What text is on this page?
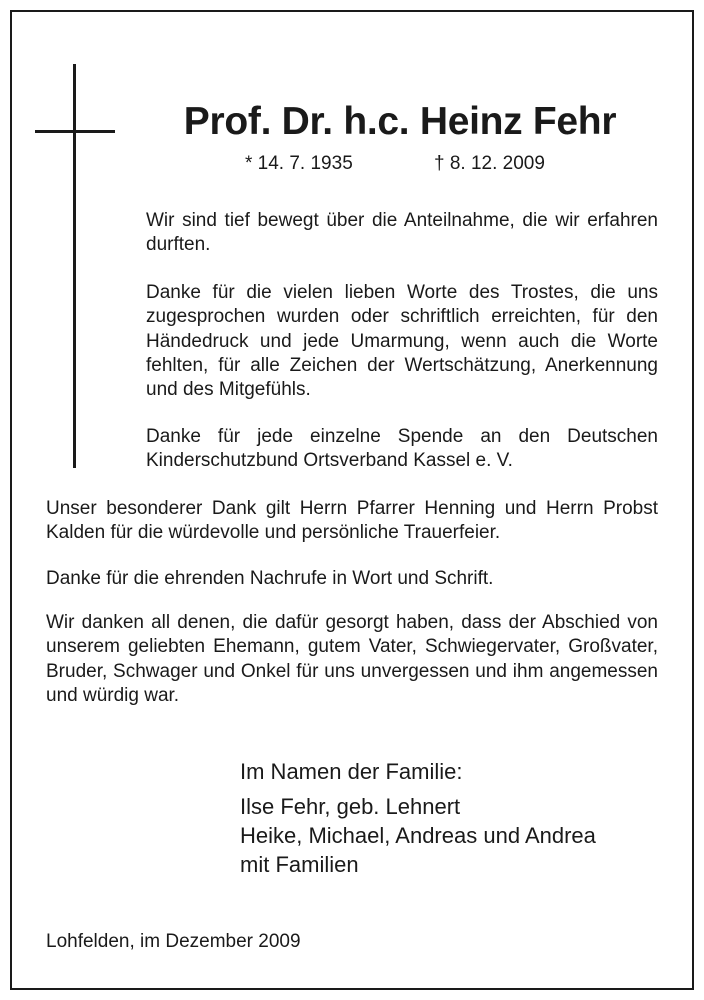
Prof. Dr. h.c. Heinz Fehr
* 14. 7. 1935	† 8. 12. 2009

Wir sind tief bewegt über die Anteilnahme, die wir erfahren durften.

Danke für die vielen lieben Worte des Trostes, die uns zugesprochen wurden oder schriftlich erreichten, für den Händedruck und jede Umarmung, wenn auch die Worte fehlten, für alle Zeichen der Wertschätzung, Anerkennung und des Mitgefühls.

Danke für jede einzelne Spende an den Deutschen Kinderschutzbund Ortsverband Kassel e. V.

Unser besonderer Dank gilt Herrn Pfarrer Henning und Herrn Probst Kalden für die würdevolle und persönliche Trauerfeier.

Danke für die ehrenden Nachrufe in Wort und Schrift.

Wir danken all denen, die dafür gesorgt haben, dass der Abschied von unserem geliebten Ehemann, gutem Vater, Schwiegervater, Großvater, Bruder, Schwager und Onkel für uns unvergessen und ihm angemessen und würdig war.

Im Namen der Familie:
Ilse Fehr, geb. Lehnert
Heike, Michael, Andreas und Andrea
mit Familien

Lohfelden, im Dezember 2009
